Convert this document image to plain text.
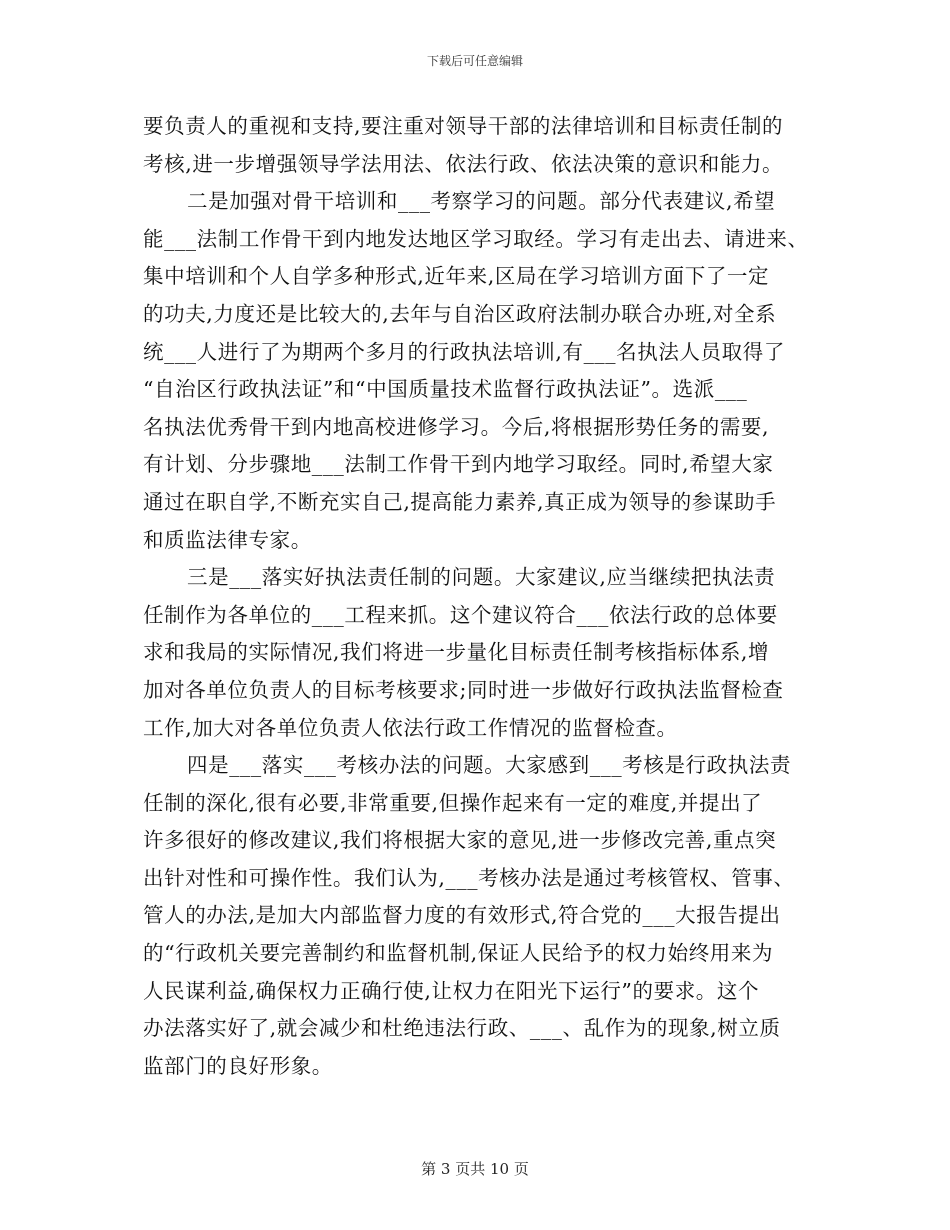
下载后可任意编辑
要负责人的重视和支持,要注重对领导干部的法律培训和目标责任制的
考核,进一步增强领导学法用法、依法行政、依法决策的意识和能力。
二是加强对骨干培训和___考察学习的问题。部分代表建议,希望
能___法制工作骨干到内地发达地区学习取经。学习有走出去、请进来、
集中培训和个人自学多种形式,近年来,区局在学习培训方面下了一定
的功夫,力度还是比较大的,去年与自治区政府法制办联合办班,对全系
统___人进行了为期两个多月的行政执法培训,有___名执法人员取得了
“自治区行政执法证”和“中国质量技术监督行政执法证”。选派___
名执法优秀骨干到内地高校进修学习。今后,将根据形势任务的需要,
有计划、分步骤地___法制工作骨干到内地学习取经。同时,希望大家
通过在职自学,不断充实自己,提高能力素养,真正成为领导的参谋助手
和质监法律专家。
三是___落实好执法责任制的问题。大家建议,应当继续把执法责
任制作为各单位的___工程来抓。这个建议符合___依法行政的总体要
求和我局的实际情况,我们将进一步量化目标责任制考核指标体系,增
加对各单位负责人的目标考核要求;同时进一步做好行政执法监督检查
工作,加大对各单位负责人依法行政工作情况的监督检查。
四是___落实___考核办法的问题。大家感到___考核是行政执法责
任制的深化,很有必要,非常重要,但操作起来有一定的难度,并提出了
许多很好的修改建议,我们将根据大家的意见,进一步修改完善,重点突
出针对性和可操作性。我们认为,___考核办法是通过考核管权、管事、
管人的办法,是加大内部监督力度的有效形式,符合党的___大报告提出
的“行政机关要完善制约和监督机制,保证人民给予的权力始终用来为
人民谋利益,确保权力正确行使,让权力在阳光下运行”的要求。这个
办法落实好了,就会减少和杜绝违法行政、___、乱作为的现象,树立质
监部门的良好形象。
第 3 页共 10 页
